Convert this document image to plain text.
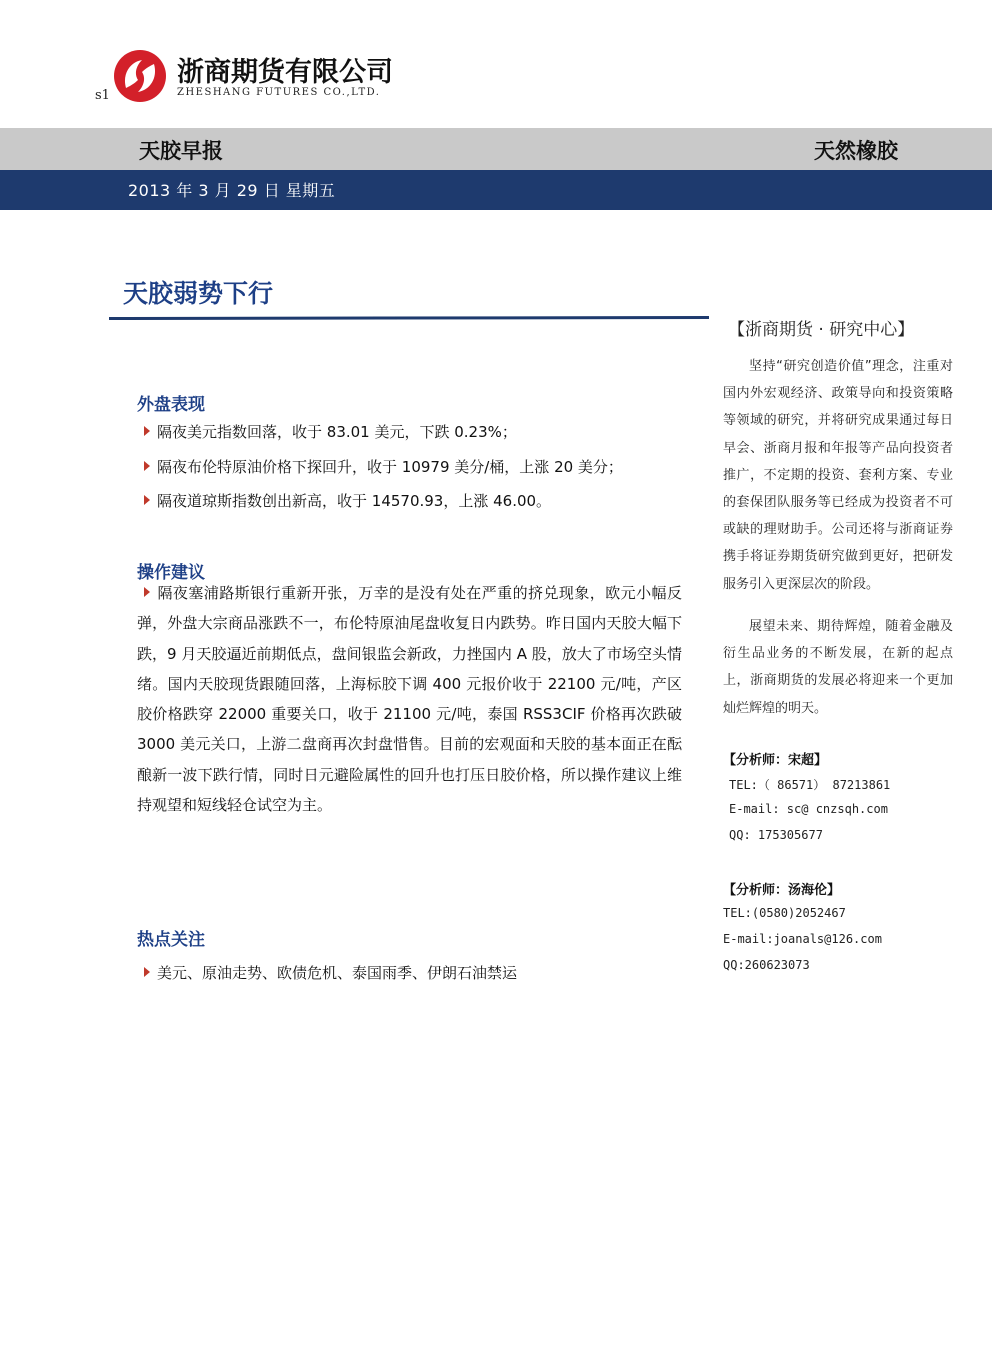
s1
浙商期货有限公司
ZHESHANG FUTURES CO.,LTD.
天胶早报	天然橡胶
2013 年 3 月 29 日 星期五
天胶弱势下行
外盘表现
隔夜美元指数回落，收于 83.01 美元，下跌 0.23%；
隔夜布伦特原油价格下探回升，收于 10979 美分/桶，上涨 20 美分；
隔夜道琼斯指数创出新高，收于 14570.93，上涨 46.00。
操作建议
隔夜塞浦路斯银行重新开张，万幸的是没有处在严重的挤兑现象，欧元小幅反弹，外盘大宗商品涨跌不一，布伦特原油尾盘收复日内跌势。昨日国内天胶大幅下跌，9 月天胶逼近前期低点，盘间银监会新政，力挫国内 A 股，放大了市场空头情绪。国内天胶现货跟随回落，上海标胶下调 400 元报价收于 22100 元/吨，产区胶价格跌穿 22000 重要关口，收于 21100 元/吨，泰国 RSS3CIF 价格再次跌破 3000 美元关口，上游二盘商再次封盘惜售。目前的宏观面和天胶的基本面正在酝酿新一波下跌行情，同时日元避险属性的回升也打压日胶价格，所以操作建议上维持观望和短线轻仓试空为主。
热点关注
美元、原油走势、欧债危机、泰国雨季、伊朗石油禁运
【浙商期货 · 研究中心】
坚持“研究创造价值”理念，注重对国内外宏观经济、政策导向和投资策略等领域的研究，并将研究成果通过每日早会、浙商月报和年报等产品向投资者推广，不定期的投资、套利方案、专业的套保团队服务等已经成为投资者不可或缺的理财助手。公司还将与浙商证券携手将证券期货研究做到更好，把研发服务引入更深层次的阶段。
展望未来、期待辉煌，随着金融及衍生品业务的不断发展，在新的起点上，浙商期货的发展必将迎来一个更加灿烂辉煌的明天。
【分析师：宋超】
TEL:（ 86571） 87213861
E-mail: sc@ cnzsqh.com
QQ: 175305677
【分析师：汤海伦】
TEL:(0580)2052467
E-mail:joanals@126.com
QQ:260623073
